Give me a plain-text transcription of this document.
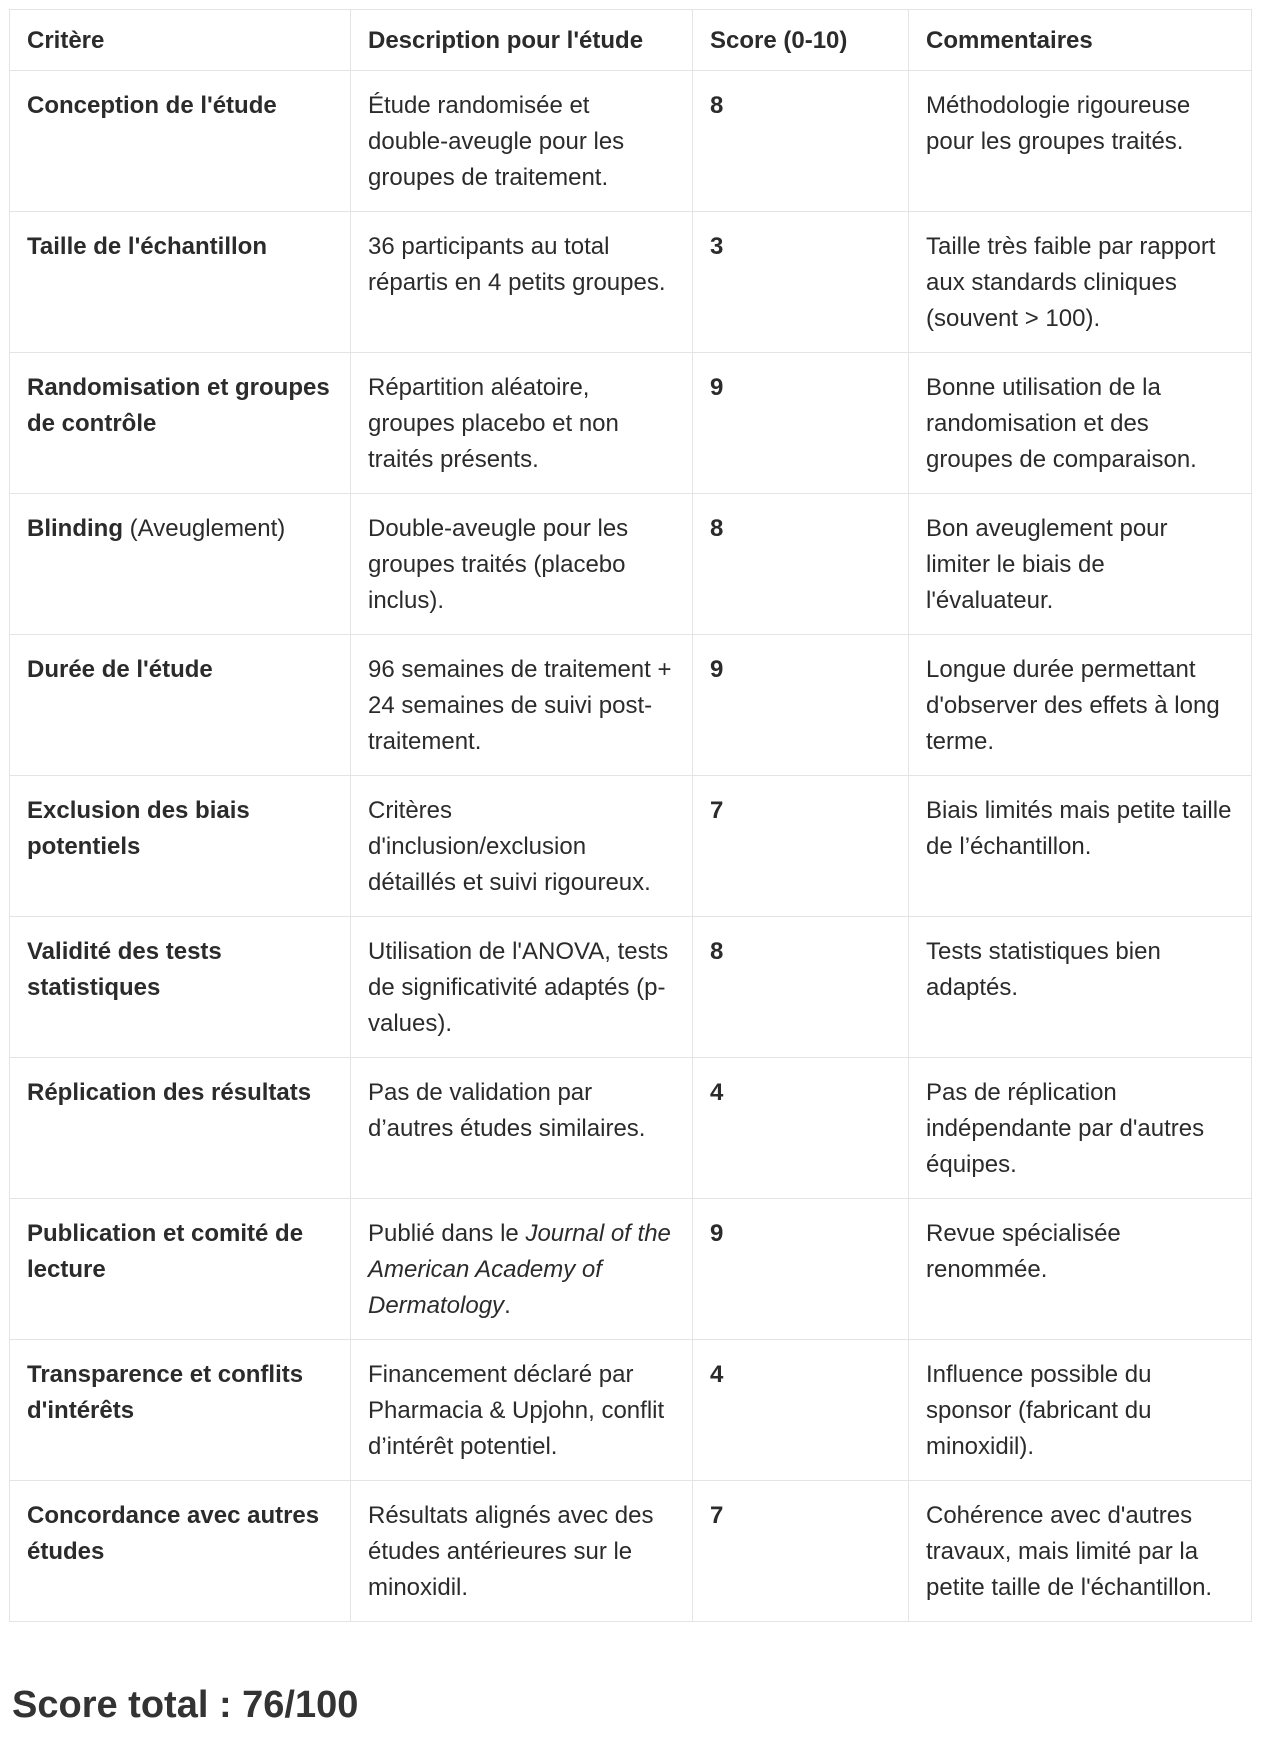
Critère	Description pour l'étude	Score (0-10)	Commentaires
Conception de l'étude	Étude randomisée et double-aveugle pour les groupes de traitement.	8	Méthodologie rigoureuse pour les groupes traités.
Taille de l'échantillon	36 participants au total répartis en 4 petits groupes.	3	Taille très faible par rapport aux standards cliniques (souvent > 100).
Randomisation et groupes de contrôle	Répartition aléatoire, groupes placebo et non traités présents.	9	Bonne utilisation de la randomisation et des groupes de comparaison.
Blinding (Aveuglement)	Double-aveugle pour les groupes traités (placebo inclus).	8	Bon aveuglement pour limiter le biais de l'évaluateur.
Durée de l'étude	96 semaines de traitement + 24 semaines de suivi post-traitement.	9	Longue durée permettant d'observer des effets à long terme.
Exclusion des biais potentiels	Critères d'inclusion/exclusion détaillés et suivi rigoureux.	7	Biais limités mais petite taille de l’échantillon.
Validité des tests statistiques	Utilisation de l'ANOVA, tests de significativité adaptés (p-values).	8	Tests statistiques bien adaptés.
Réplication des résultats	Pas de validation par d’autres études similaires.	4	Pas de réplication indépendante par d'autres équipes.
Publication et comité de lecture	Publié dans le Journal of the American Academy of Dermatology.	9	Revue spécialisée renommée.
Transparence et conflits d'intérêts	Financement déclaré par Pharmacia & Upjohn, conflit d’intérêt potentiel.	4	Influence possible du sponsor (fabricant du minoxidil).
Concordance avec autres études	Résultats alignés avec des études antérieures sur le minoxidil.	7	Cohérence avec d'autres travaux, mais limité par la petite taille de l'échantillon.
Score total : 76/100
